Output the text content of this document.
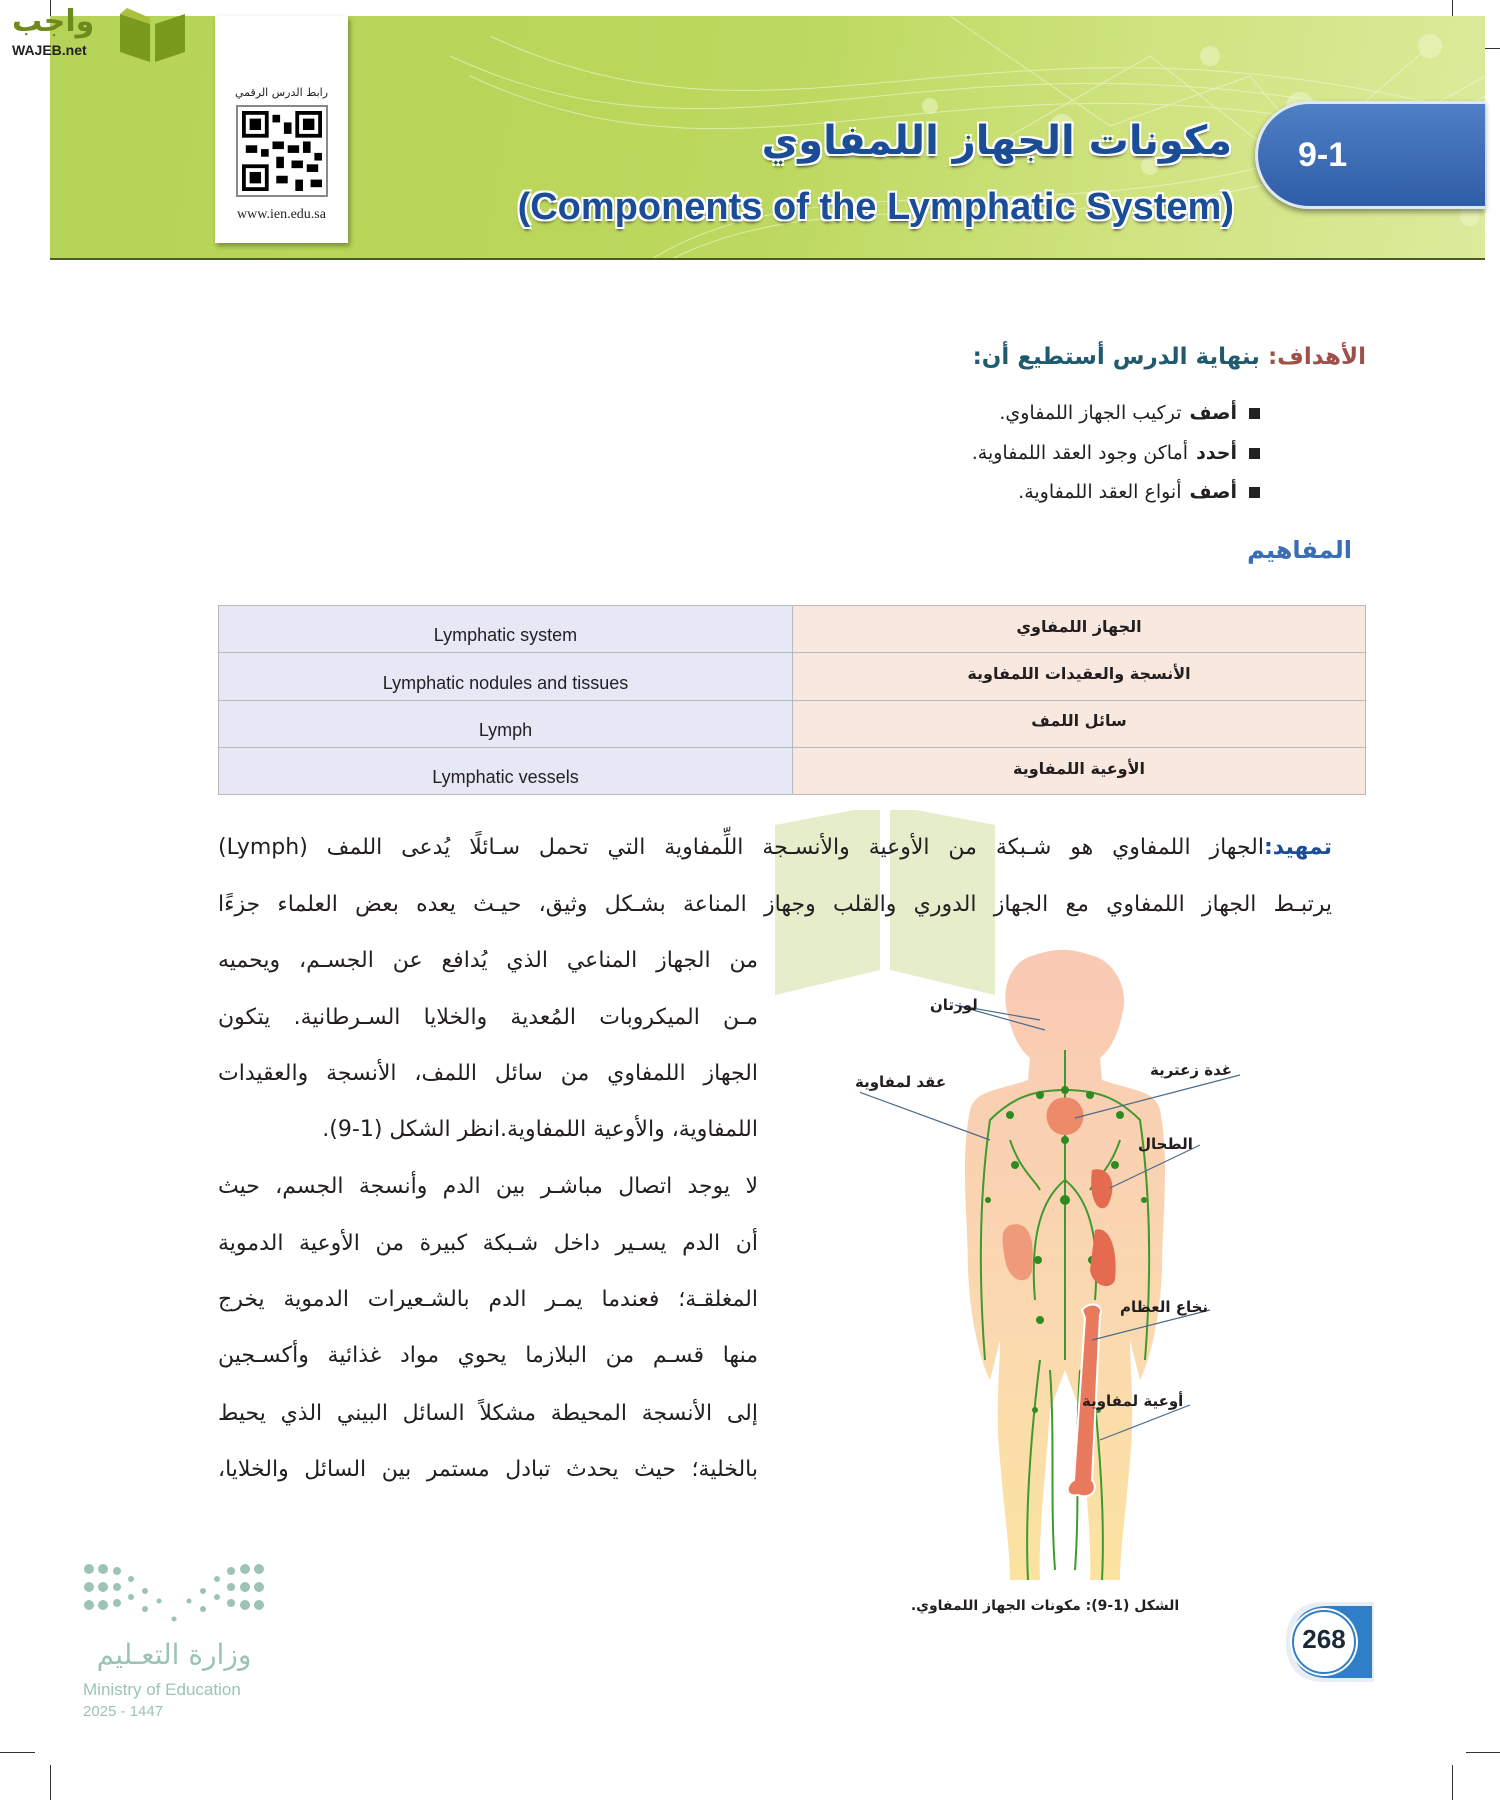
واجب
WAJEB.net
رابط الدرس الرقمي
www.ien.edu.sa
مكونات الجهاز اللمفاوي
(Components of the Lymphatic System)
9-1
الأهداف: بنهاية الدرس أستطيع أن:
أصف
تركيب الجهاز اللمفاوي.
أحدد
أماكن وجود العقد اللمفاوية.
أصف
أنواع العقد اللمفاوية.
المفاهيم
Lymphatic system	الجهاز اللمفاوي
Lymphatic nodules and tissues	الأنسجة والعقيدات اللمفاوية
Lymph	سائل اللمف
Lymphatic vessels	الأوعية اللمفاوية
تمهيد:الجهاز اللمفاوي هو شـبكة من الأوعية والأنسـجة اللِّمفاوية التي تحمل سـائلًا يُدعى اللمف (Lymph)
يرتبـط الجهاز اللمفاوي مع الجهاز الدوري والقلب وجهاز المناعة بشـكل وثيق، حيـث يعده بعض العلماء جزءًا
من الجهاز المناعي الذي يُدافع عن الجسـم، ويحميه
مـن الميكروبات المُعدية والخلايا السـرطانية. يتكون
الجهاز اللمفاوي من سائل اللمف، الأنسجة والعقيدات
اللمفاوية، والأوعية اللمفاوية.انظر الشكل (1-9).
لا يوجد اتصال مباشـر بين الدم وأنسجة الجسم، حيث
أن الدم يسـير داخل شـبكة كبيرة من الأوعية الدموية
المغلقـة؛ فعندما يمـر الدم بالشـعيرات الدموية يخرج
منها قسـم من البلازما يحوي مواد غذائية وأكسـجين
إلى الأنسجة المحيطة مشكلاً السائل البيني الذي يحيط
بالخلية؛ حيث يحدث تبادل مستمر بين السائل والخلايا،
لوزتان
عقد لمفاوية
غدة زعترية
الطحال
نخاع العظام
أوعية لمفاوية
الشكل (1-9): مكونات الجهاز اللمفاوي.
268
وزارة التعـليم
Ministry of Education
2025 - 1447
